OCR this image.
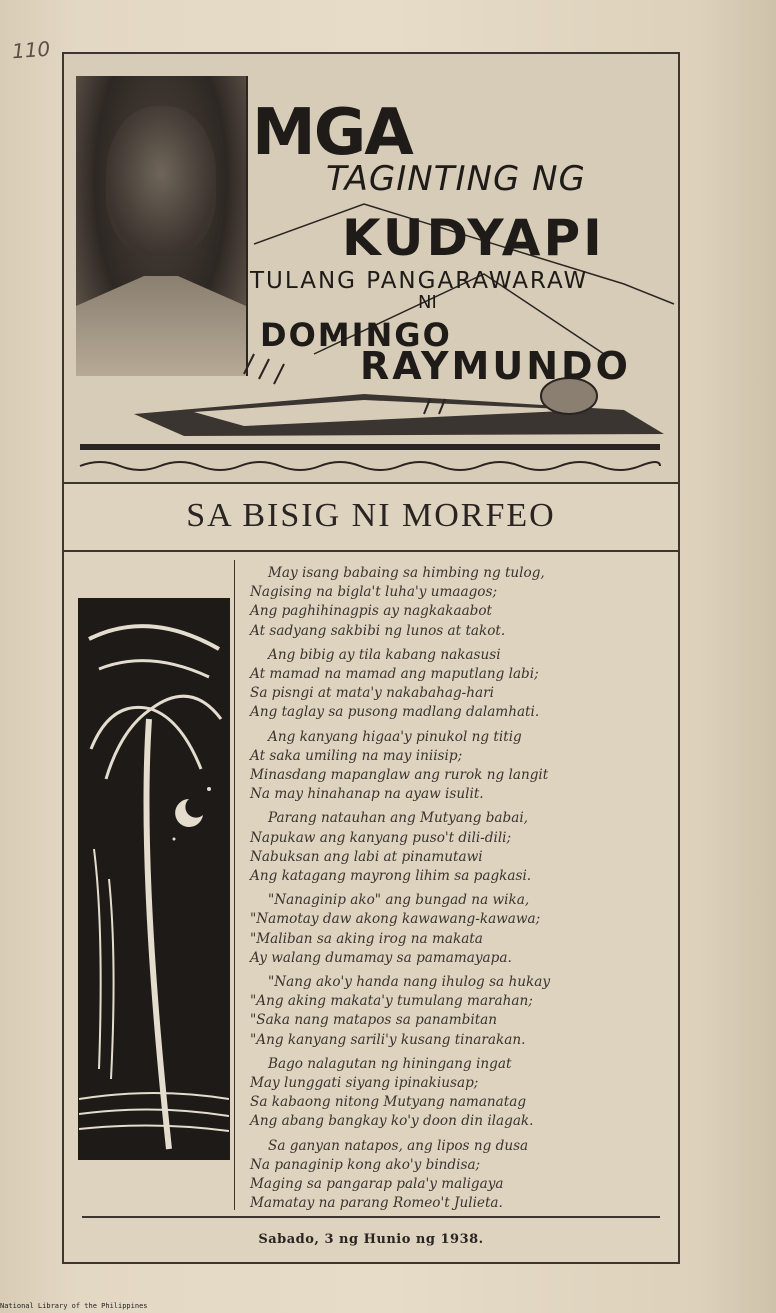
110
MGA
TAGINTING NG
KUDYAPI
TULANG PANGARAWARAW
NI
DOMINGO
RAYMUNDO
SA BISIG NI MORFEO
May isang babaing sa himbing ng tulog,
Nagising na bigla't luha'y umaagos;
Ang paghihinagpis ay nagkakaabot
At sadyang sakbibi ng lunos at takot.
Ang bibig ay tila kabang nakasusi
At mamad na mamad ang maputlang labi;
Sa pisngi at mata'y nakabahag-hari
Ang taglay sa pusong madlang dalamhati.
Ang kanyang higaa'y pinukol ng titig
At saka umiling na may iniisip;
Minasdang mapanglaw ang rurok ng langit
Na may hinahanap na ayaw isulit.
Parang natauhan ang Mutyang babai,
Napukaw ang kanyang puso't dili-dili;
Nabuksan ang labi at pinamutawi
Ang katagang mayrong lihim sa pagkasi.
"Nanaginip ako" ang bungad na wika,
"Namotay daw akong kawawang-kawawa;
"Maliban sa aking irog na makata
Ay walang dumamay sa pamamayapa.
"Nang ako'y handa nang ihulog sa hukay
"Ang aking makata'y tumulang marahan;
"Saka nang matapos sa panambitan
"Ang kanyang sarili'y kusang tinarakan.
Bago nalagutan ng hiningang ingat
May lunggati siyang ipinakiusap;
Sa kabaong nitong Mutyang namanatag
Ang abang bangkay ko'y doon din ilagak.
Sa ganyan natapos, ang lipos ng dusa
Na panaginip kong ako'y bindisa;
Maging sa pangarap pala'y maligaya
Mamatay na parang Romeo't Julieta.
Sabado, 3 ng Hunio ng 1938.
National Library of the Philippines
